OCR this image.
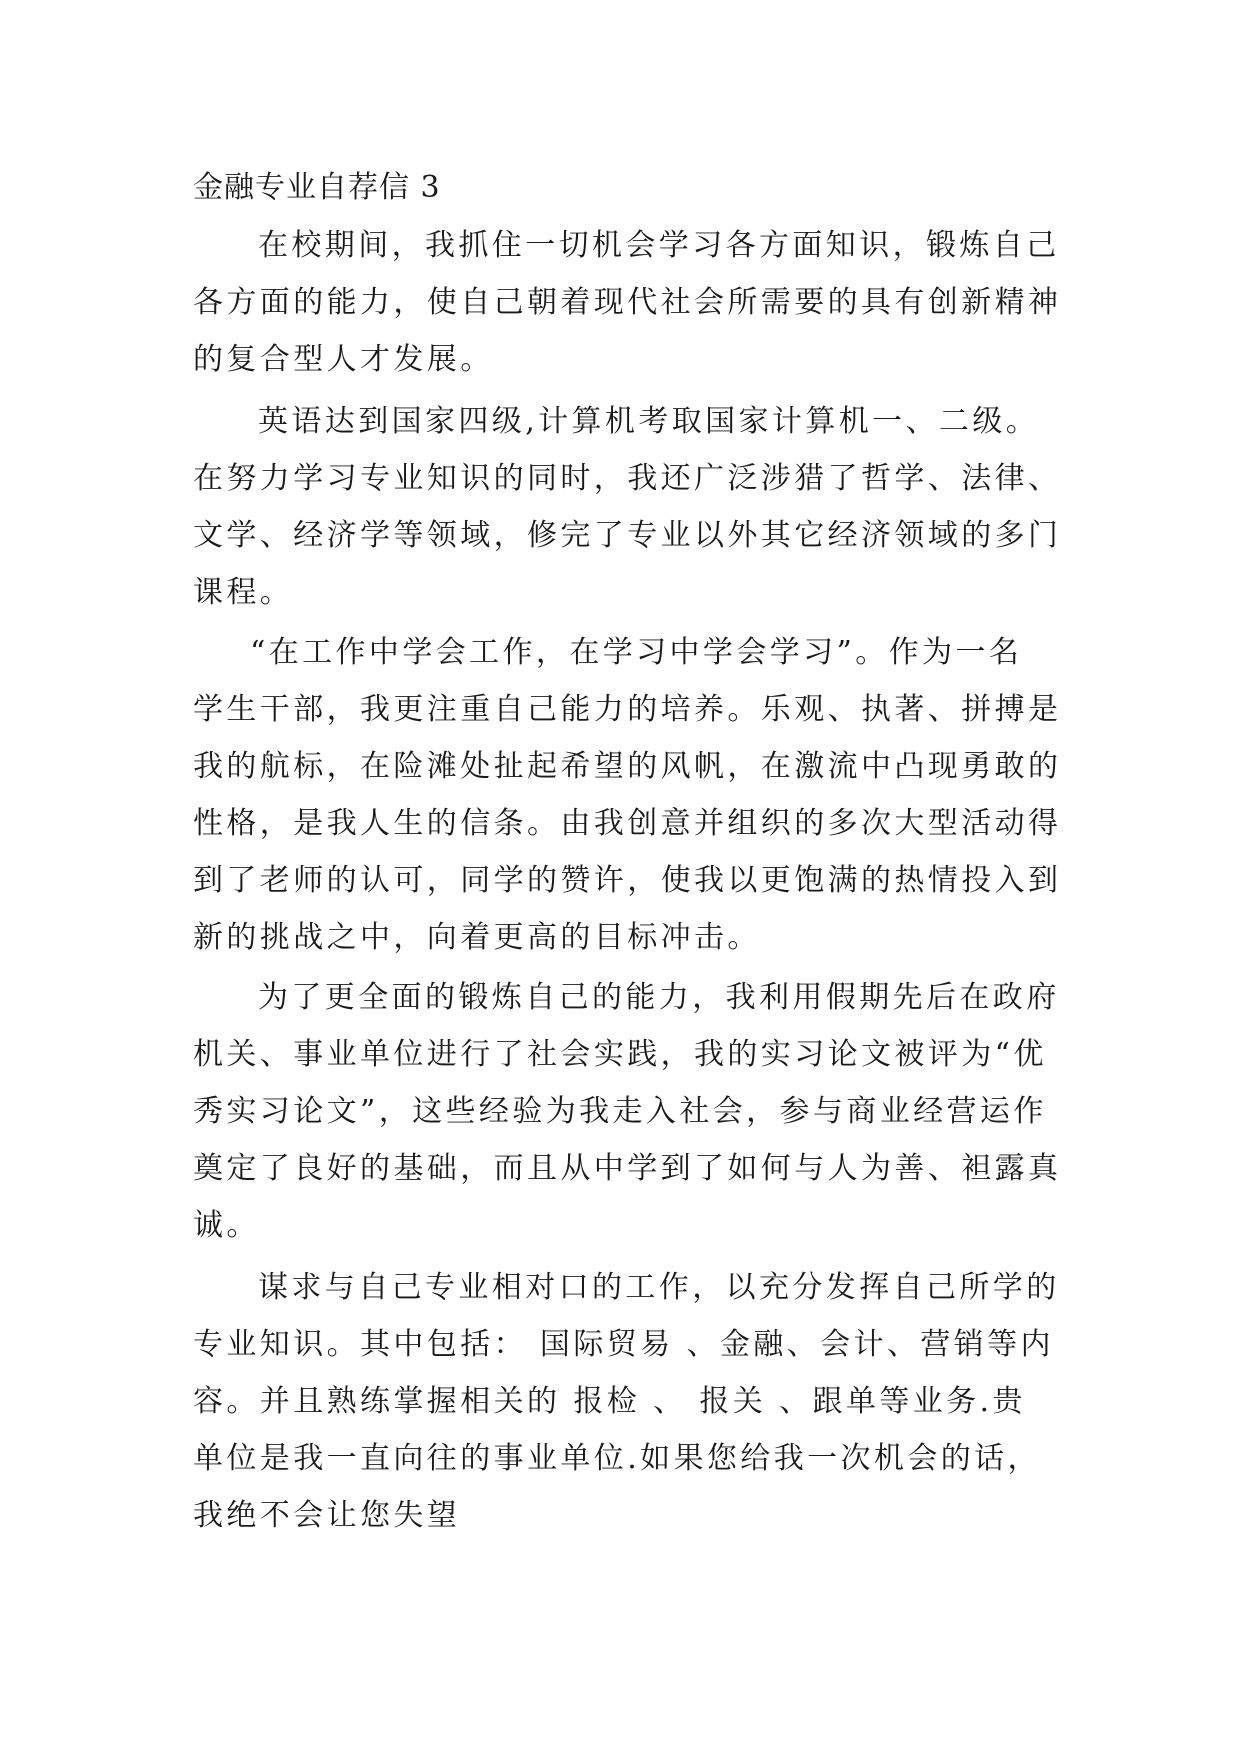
金融专业自荐信 3
在校期间，我抓住一切机会学习各方面知识，锻炼自己
各方面的能力，使自己朝着现代社会所需要的具有创新精神
的复合型人才发展。
英语达到国家四级,计算机考取国家计算机一、二级。
在努力学习专业知识的同时，我还广泛涉猎了哲学、法律、
文学、经济学等领域，修完了专业以外其它经济领域的多门
课程。
“在工作中学会工作，在学习中学会学习”。作为一名
学生干部，我更注重自己能力的培养。乐观、执著、拼搏是
我的航标，在险滩处扯起希望的风帆，在激流中凸现勇敢的
性格，是我人生的信条。由我创意并组织的多次大型活动得
到了老师的认可，同学的赞许，使我以更饱满的热情投入到
新的挑战之中，向着更高的目标冲击。
为了更全面的锻炼自己的能力，我利用假期先后在政府
机关、事业单位进行了社会实践，我的实习论文被评为“优
秀实习论文”，这些经验为我走入社会，参与商业经营运作
奠定了良好的基础，而且从中学到了如何与人为善、袒露真
诚。
谋求与自己专业相对口的工作，以充分发挥自己所学的
专业知识。其中包括： 国际贸易 、金融、会计、营销等内
容。并且熟练掌握相关的 报检 、 报关 、跟单等业务.贵
单位是我一直向往的事业单位.如果您给我一次机会的话，
我绝不会让您失望
